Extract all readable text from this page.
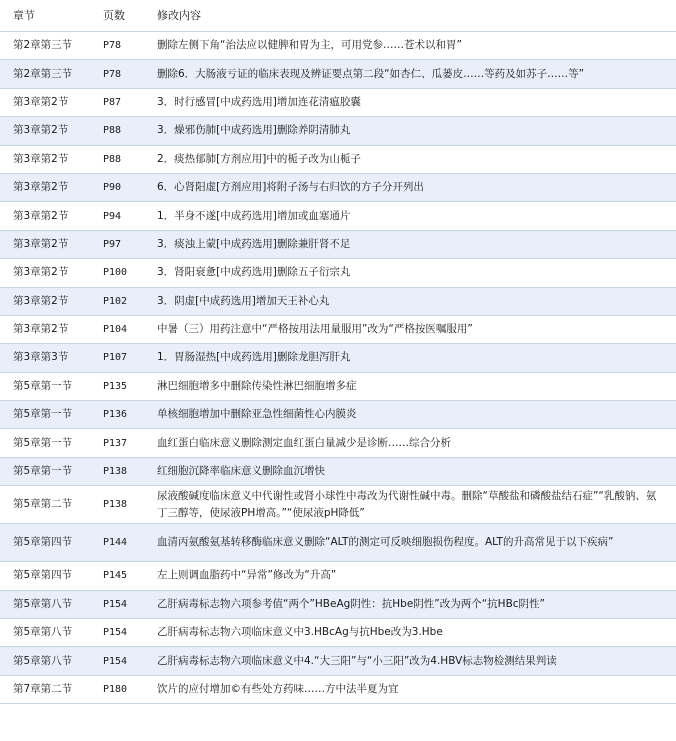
章节	页数	修改内容
第2章第三节	P78	删除左侧下角“治法应以健脾和胃为主，可用党参……苍术以和胃”
第2章第三节	P78	删除6．大肠液亏证的临床表现及辨证要点第二段“如杏仁、瓜蒌皮……等药及如苏子……等”
第3章第2节	P87	3．时行感冒[中成药选用]增加连花清瘟胶囊
第3章第2节	P88	3．燥邪伤肺[中成药选用]删除养阴清肺丸
第3章第2节	P88	2．痰热郁肺[方剂应用]中的栀子改为山栀子
第3章第2节	P90	6．心肾阳虚[方剂应用]将附子汤与右归饮的方子分开列出
第3章第2节	P94	1．半身不遂[中成药选用]增加或血塞通片
第3章第2节	P97	3．痰浊上蒙[中成药选用]删除兼肝肾不足
第3章第2节	P100	3．肾阳衰惫[中成药选用]删除五子衍宗丸
第3章第2节	P102	3．阴虚[中成药选用]增加天王补心丸
第3章第2节	P104	中暑（三）用药注意中“严格按用法用量服用”改为“严格按医嘱服用”
第3章第3节	P107	1．胃肠湿热[中成药选用]删除龙胆泻肝丸
第5章第一节	P135	淋巴细胞增多中删除传染性淋巴细胞增多症
第5章第一节	P136	单核细胞增加中删除亚急性细菌性心内膜炎
第5章第一节	P137	血红蛋白临床意义删除测定血红蛋白量减少是诊断……综合分析
第5章第一节	P138	红细胞沉降率临床意义删除血沉增快
第5章第二节	P138	尿液酸碱度临床意义中代谢性或肾小球性中毒改为代谢性碱中毒。删除“草酸盐和磷酸盐结石症”“乳酸钠、氨丁三醇等，使尿液PH增高。”“使尿液pH降低”
第5章第四节	P144	血清丙氨酸氨基转移酶临床意义删除“ALT的测定可反映细胞损伤程度。ALT的升高常见于以下疾病”
第5章第四节	P145	左上则调血脂药中“异常”修改为“升高”
第5章第八节	P154	乙肝病毒标志物六项参考值“两个”HBeAg阴性：抗Hbe阴性”改为两个“抗HBc阴性”
第5章第八节	P154	乙肝病毒标志物六项临床意义中3.HBcAg与抗Hbe改为3.Hbe
第5章第八节	P154	乙肝病毒标志物六项临床意义中4.“大三阳”与“小三阳”改为4.HBV标志物检测结果判读
第7章第二节	P180	饮片的应付增加©有些处方药味……方中法半夏为宜
